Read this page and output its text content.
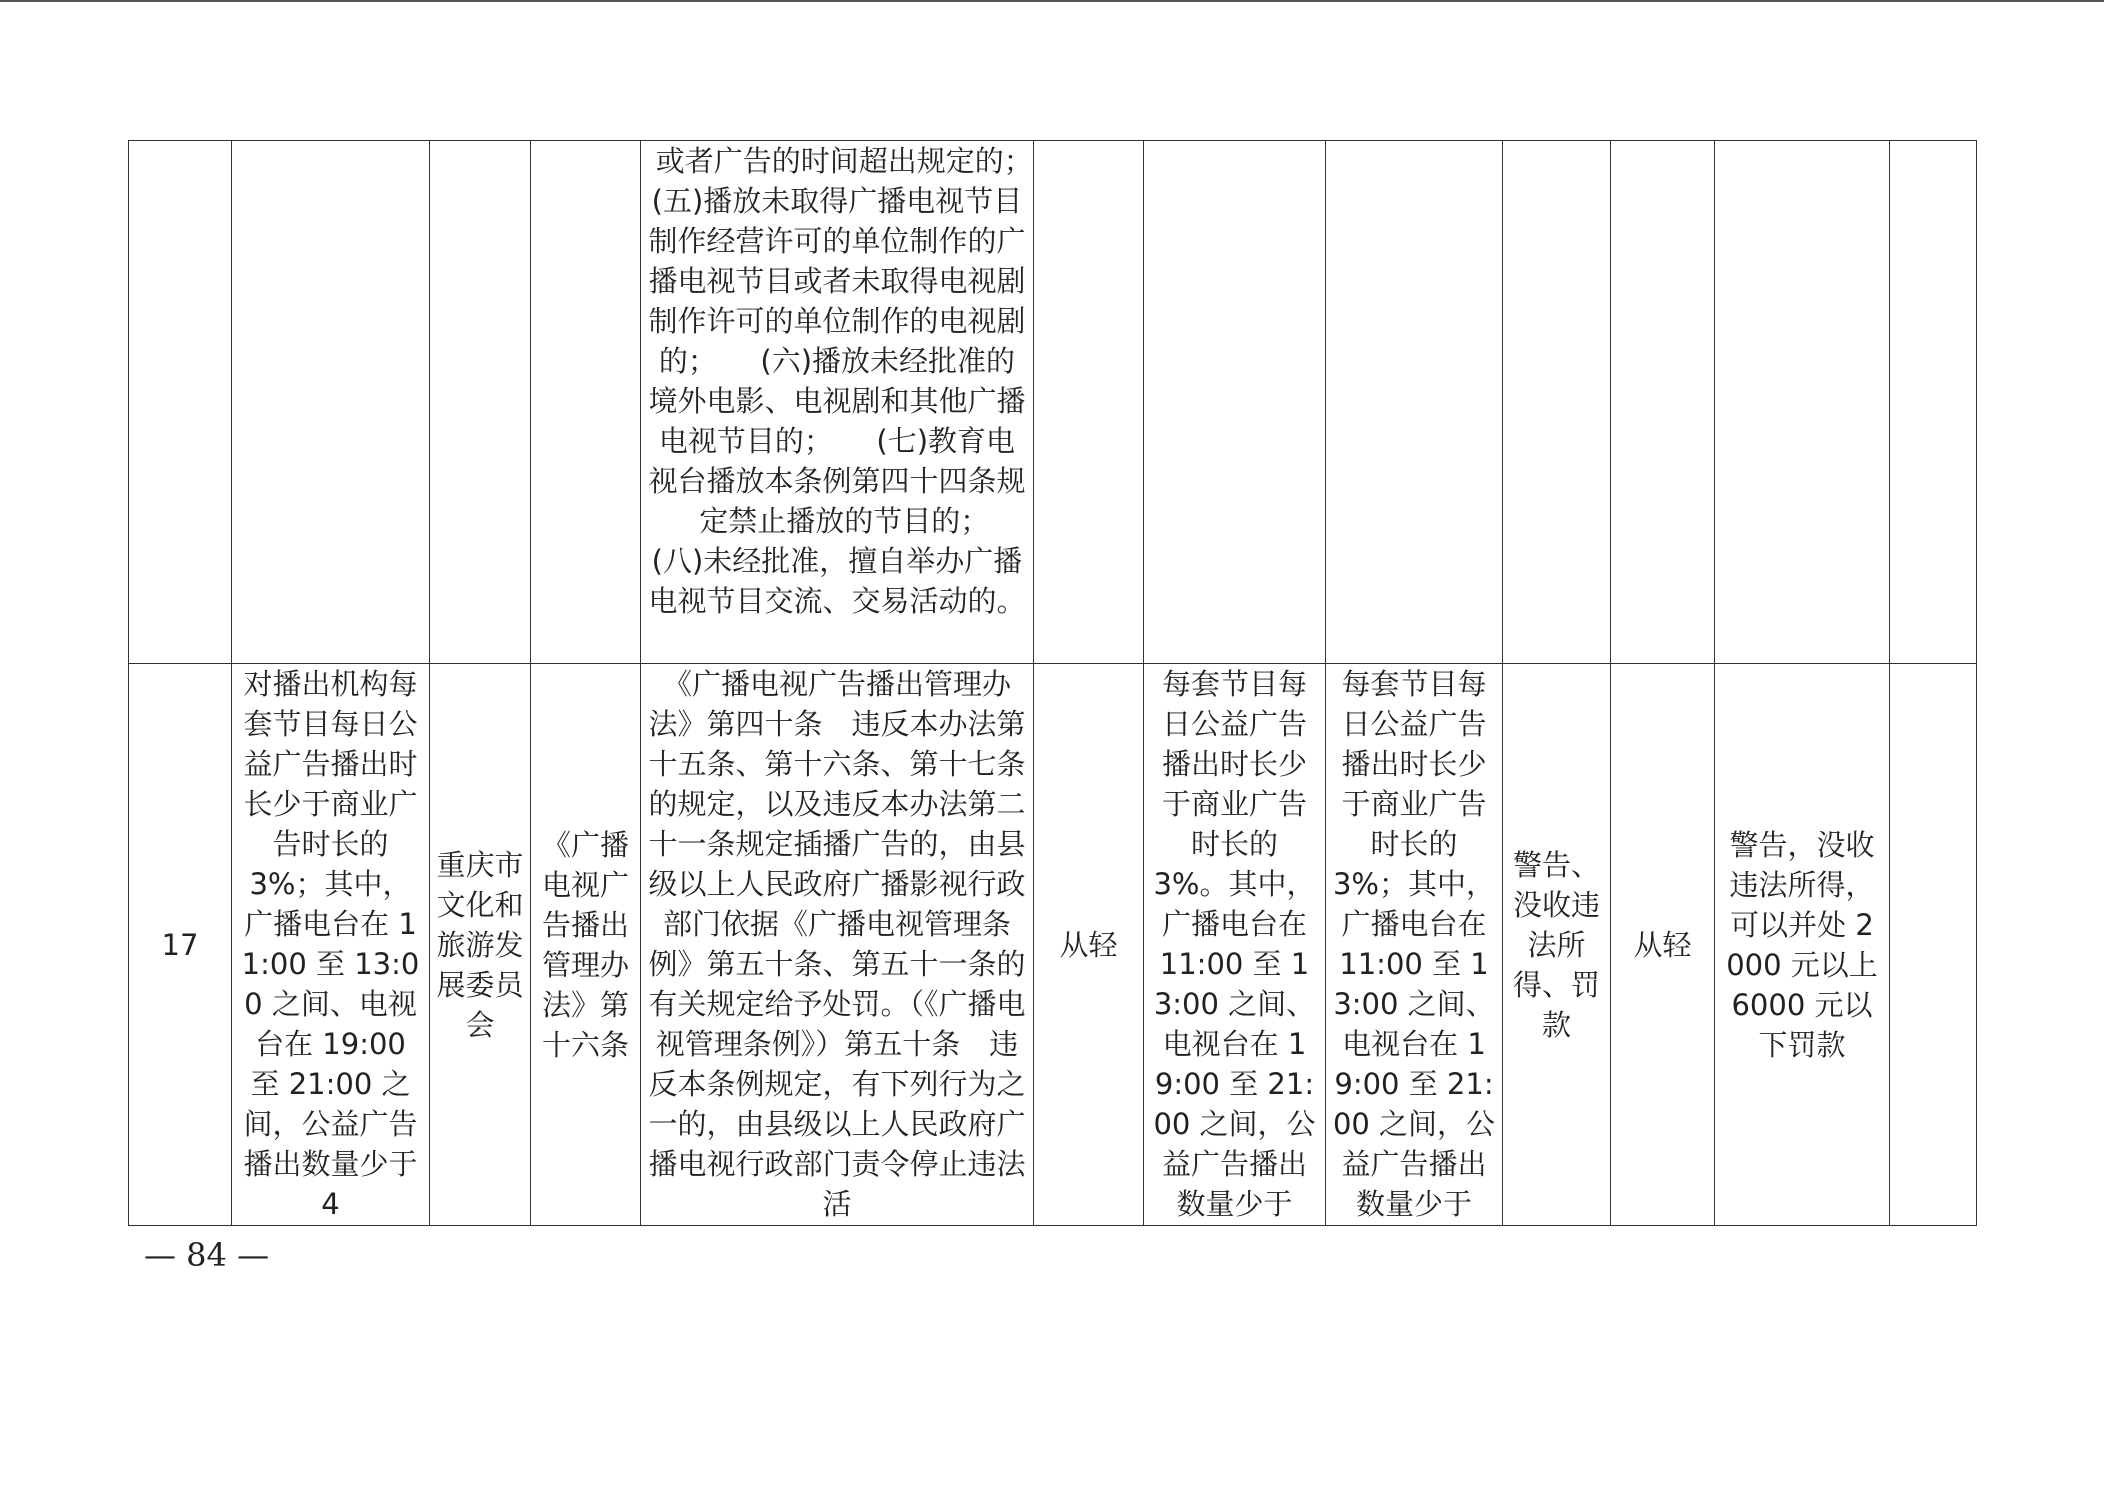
				或者广告的时间超出规定的；　　(五)播放未取得广播电视节目制作经营许可的单位制作的广播电视节目或者未取得电视剧制作许可的单位制作的电视剧的；　　(六)播放未经批准的境外电影、电视剧和其他广播电视节目的；　　(七)教育电视台播放本条例第四十四条规定禁止播放的节目的；　　(八)未经批准，擅自举办广播电视节目交流、交易活动的。							
17	对播出机构每套节目每日公益广告播出时长少于商业广告时长的 3%；其中，广播电台在 11:00 至 13:00 之间、电视台在 19:00 至 21:00 之间，公益广告播出数量少于 4	重庆市文化和旅游发展委员会	《广播电视广告播出管理办法》第十六条	《广播电视广告播出管理办法》第四十条　违反本办法第十五条、第十六条、第十七条的规定，以及违反本办法第二十一条规定插播广告的，由县级以上人民政府广播影视行政部门依据《广播电视管理条例》第五十条、第五十一条的有关规定给予处罚。（《广播电视管理条例》）第五十条　违反本条例规定，有下列行为之一的，由县级以上人民政府广播电视行政部门责令停止违法活	从轻	每套节目每日公益广告播出时长少于商业广告时长的 3%。其中，广播电台在 11:00 至 13:00 之间、电视台在 19:00 至 21:00 之间，公益广告播出数量少于	每套节目每日公益广告播出时长少于商业广告时长的 3%；其中，广播电台在 11:00 至 13:00 之间、电视台在 19:00 至 21:00 之间，公益广告播出数量少于	警告、没收违法所得、罚款	从轻	警告，没收违法所得，可以并处 2000 元以上 6000 元以下罚款	
— 84 —
